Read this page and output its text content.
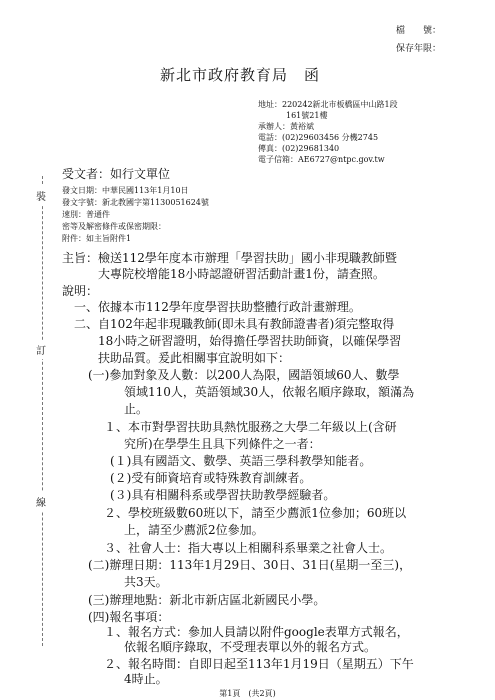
檔　　號：
保存年限：
新北市政府教育局　函
地址：220242新北市板橋區中山路1段
161號21樓
承辦人：黃裕斌
電話：(02)29603456 分機2745
傳真：(02)29681340
電子信箱：AE6727@ntpc.gov.tw
受文者：如行文單位
裝
訂
線
發文日期：中華民國113年1月10日
發文字號：新北教國字第1130051624號
速別：普通件
密等及解密條件或保密期限：
附件：如主旨附件1
主旨：檢送112學年度本市辦理「學習扶助」國小非現職教師暨
大專院校增能18小時認證研習活動計畫1份，請查照。
說明：
一、依據本市112學年度學習扶助整體行政計畫辦理。
二、自102年起非現職教師(即未具有教師證書者)須完整取得
18小時之研習證明，始得擔任學習扶助師資，以確保學習
扶助品質。爰此相關事宜說明如下：
(一)參加對象及人數：以200人為限，國語領域60人、數學
領域110人，英語領域30人，依報名順序錄取，額滿為
止。
１、本市對學習扶助具熱忱服務之大學二年級以上(含研
究所)在學學生且具下列條件之一者：
(１)具有國語文、數學、英語三學科教學知能者。
(２)受有師資培育或特殊教育訓練者。
(３)具有相關科系或學習扶助教學經驗者。
２、學校班級數60班以下，請至少薦派1位參加；60班以
上，請至少薦派2位參加。
３、社會人士：指大專以上相關科系畢業之社會人士。
(二)辦理日期：113年1月29日、30日、31日(星期一至三)，
共3天。
(三)辦理地點：新北市新店區北新國民小學。
(四)報名事項：
１、報名方式：參加人員請以附件google表單方式報名，
依報名順序錄取，不受理表單以外的報名方式。
２、報名時間：自即日起至113年1月19日（星期五）下午
4時止。
第1頁　(共2頁)
